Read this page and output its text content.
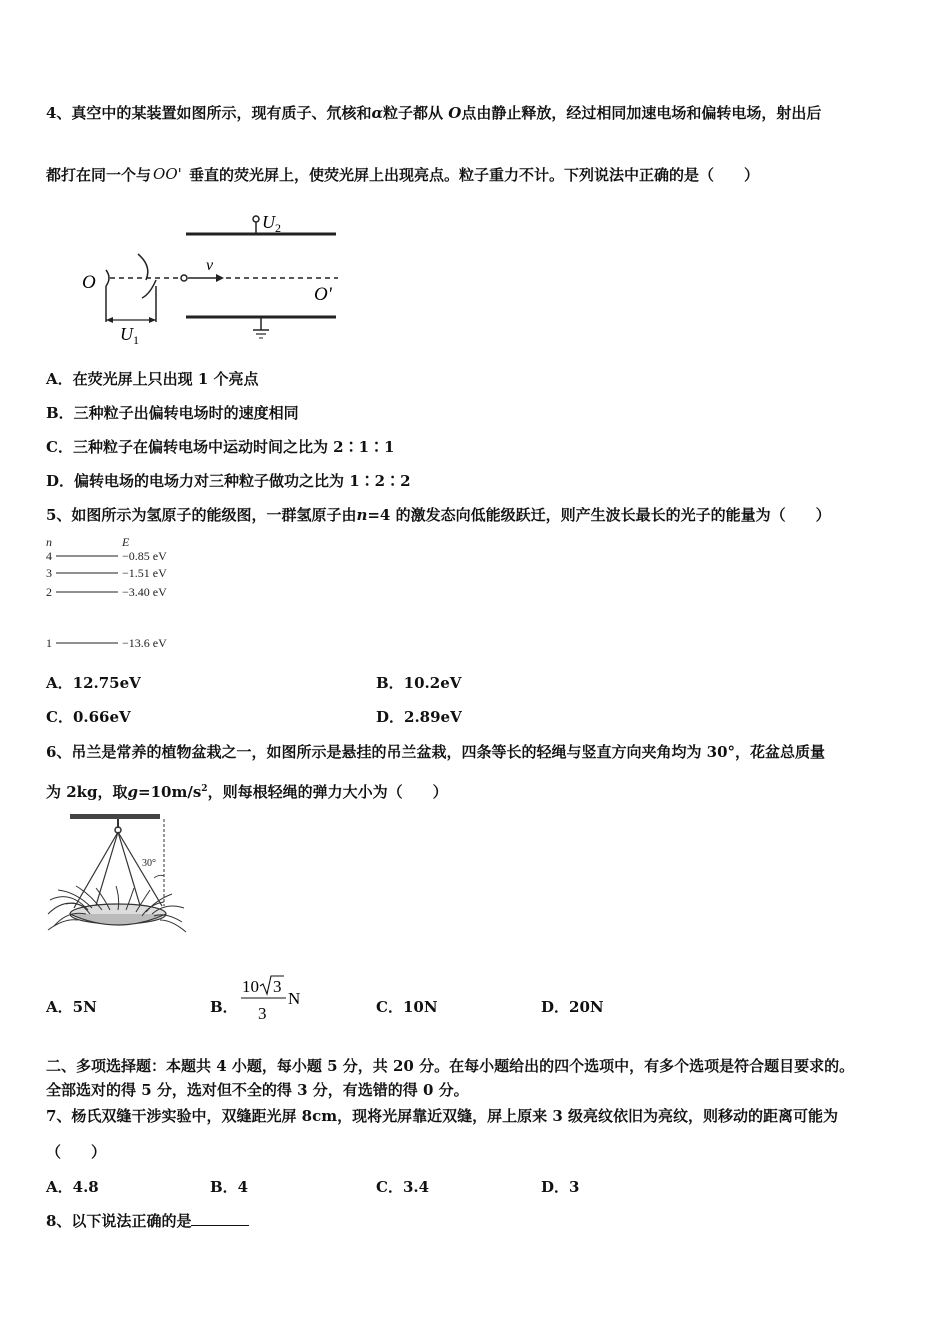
4、真空中的某装置如图所示，现有质子、氘核和α粒子都从 O点由静止释放，经过相同加速电场和偏转电场，射出后
都打在同一个与 OO' 垂直的荧光屏上，使荧光屏上出现亮点。粒子重力不计。下列说法中正确的是（　　）
$U_2$
O
v
O'
$U_1$
A．在荧光屏上只出现 1 个亮点
B．三种粒子出偏转电场时的速度相同
C．三种粒子在偏转电场中运动时间之比为 2∶1∶1
D．偏转电场的电场力对三种粒子做功之比为 1∶2∶2
5、如图所示为氢原子的能级图，一群氢原子由n=4 的激发态向低能级跃迁，则产生波长最长的光子的能量为（　　）
n	E
4	−0.85 eV
3	−1.51 eV
2	−3.40 eV
1	−13.6 eV
A．12.75eV	B．10.2eV
C．0.66eV	D．2.89eV
6、吊兰是常养的植物盆栽之一，如图所示是悬挂的吊兰盆栽，四条等长的轻绳与竖直方向夹角均为 30°，花盆总质量
为 2kg，取$g=10m/s^2$，则每根轻绳的弹力大小为（　　）
30°
A．5N	B．
10 3
3
N	C．10N	D．20N
二、多项选择题：本题共 4 小题，每小题 5 分，共 20 分。在每小题给出的四个选项中，有多个选项是符合题目要求的。
全部选对的得 5 分，选对但不全的得 3 分，有选错的得 0 分。
7、杨氏双缝干涉实验中，双缝距光屏 8cm，现将光屏靠近双缝，屏上原来 3 级亮纹依旧为亮纹，则移动的距离可能为
（　　）
A．4.8	B．4	C．3.4	D．3
8、以下说法正确的是
